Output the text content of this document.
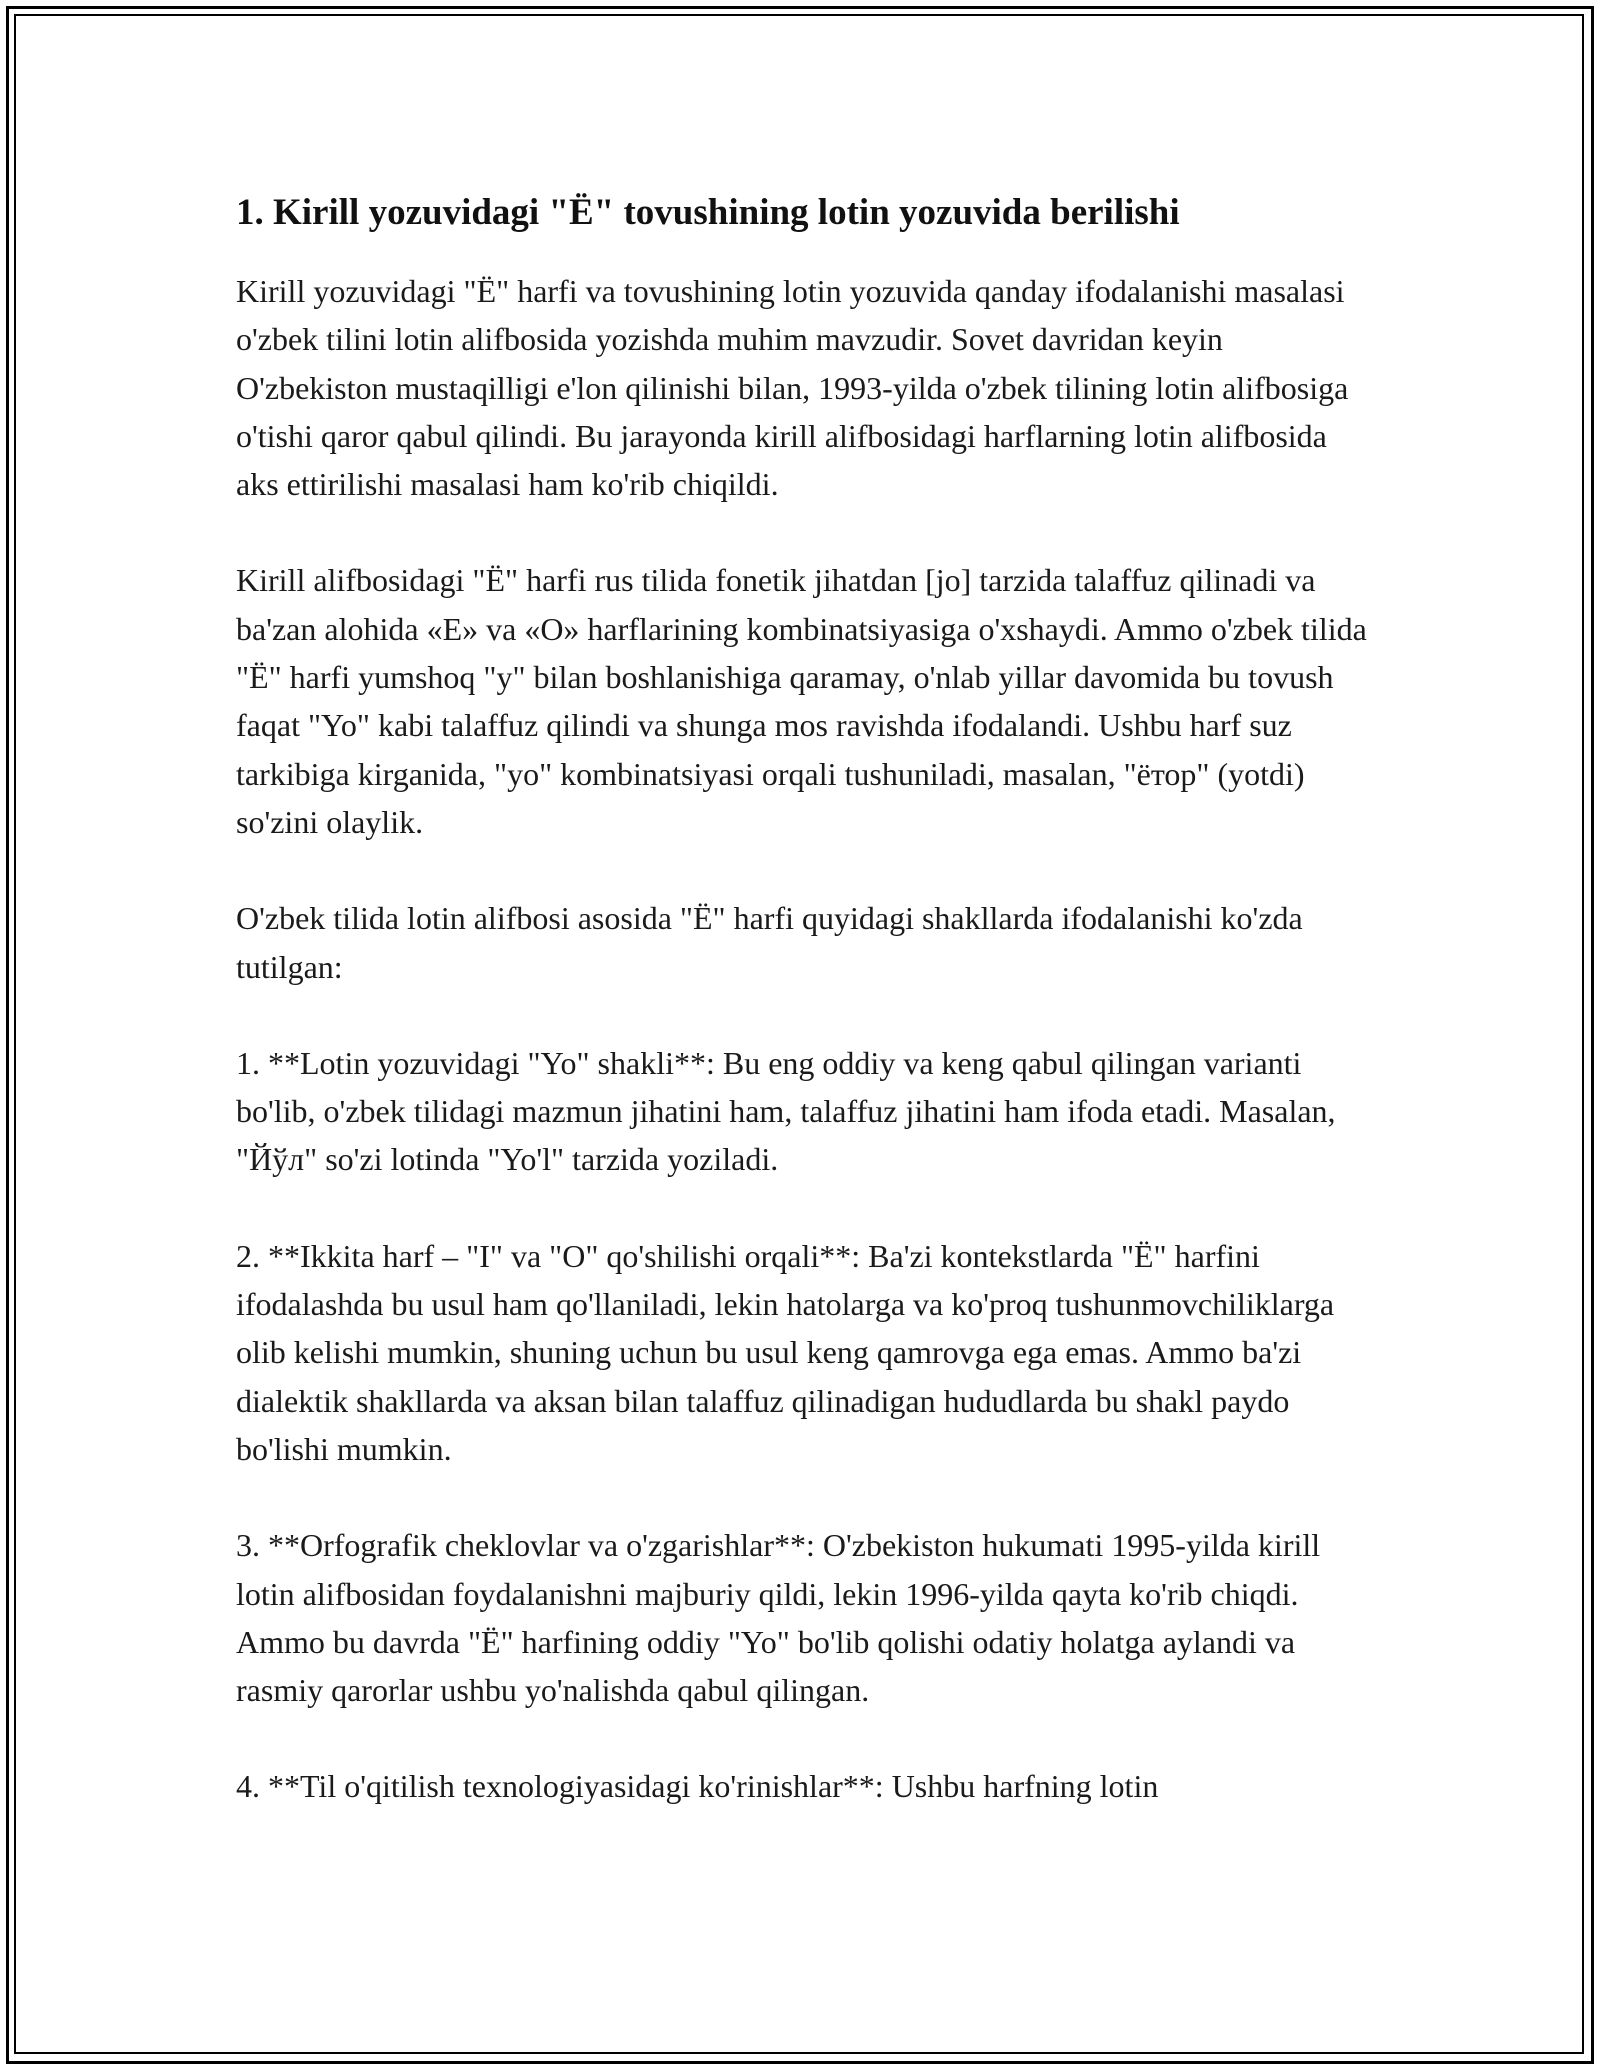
1. Kirill yozuvidagi "Ë" tovushining lotin yozuvida berilishi

Kirill yozuvidagi "Ë" harfi va tovushining lotin yozuvida qanday ifodalanishi masalasi o'zbek tilini lotin alifbosida yozishda muhim mavzudir. Sovet davridan keyin O'zbekiston mustaqilligi e'lon qilinishi bilan, 1993-yilda o'zbek tilining lotin alifbosiga o'tishi qaror qabul qilindi. Bu jarayonda kirill alifbosidagi harflarning lotin alifbosida aks ettirilishi masalasi ham ko'rib chiqildi.

Kirill alifbosidagi "Ë" harfi rus tilida fonetik jihatdan [jo] tarzida talaffuz qilinadi va ba'zan alohida «E» va «O» harflarining kombinatsiyasiga o'xshaydi. Ammo o'zbek tilida "Ë" harfi yumshoq "y" bilan boshlanishiga qaramay, o'nlab yillar davomida bu tovush faqat "Yo" kabi talaffuz qilindi va shunga mos ravishda ifodalandi. Ushbu harf suz tarkibiga kirganida, "yo" kombinatsiyasi orqali tushuniladi, masalan, "ётор" (yotdi) so'zini olaylik.

O'zbek tilida lotin alifbosi asosida "Ë" harfi quyidagi shakllarda ifodalanishi ko'zda tutilgan:

1. **Lotin yozuvidagi "Yo" shakli**: Bu eng oddiy va keng qabul qilingan varianti bo'lib, o'zbek tilidagi mazmun jihatini ham, talaffuz jihatini ham ifoda etadi. Masalan, "Йўл" so'zi lotinda "Yo'l" tarzida yoziladi.

2. **Ikkita harf – "I" va "O" qo'shilishi orqali**: Ba'zi kontekstlarda "Ë" harfini ifodalashda bu usul ham qo'llaniladi, lekin hatolarga va ko'proq tushunmovchiliklarga olib kelishi mumkin, shuning uchun bu usul keng qamrovga ega emas. Ammo ba'zi dialektik shakllarda va aksan bilan talaffuz qilinadigan hududlarda bu shakl paydo bo'lishi mumkin.

3. **Orfografik cheklovlar va o'zgarishlar**: O'zbekiston hukumati 1995-yilda kirill lotin alifbosidan foydalanishni majburiy qildi, lekin 1996-yilda qayta ko'rib chiqdi. Ammo bu davrda "Ë" harfining oddiy "Yo" bo'lib qolishi odatiy holatga aylandi va rasmiy qarorlar ushbu yo'nalishda qabul qilingan.

4. **Til o'qitilish texnologiyasidagi ko'rinishlar**: Ushbu harfning lotin
